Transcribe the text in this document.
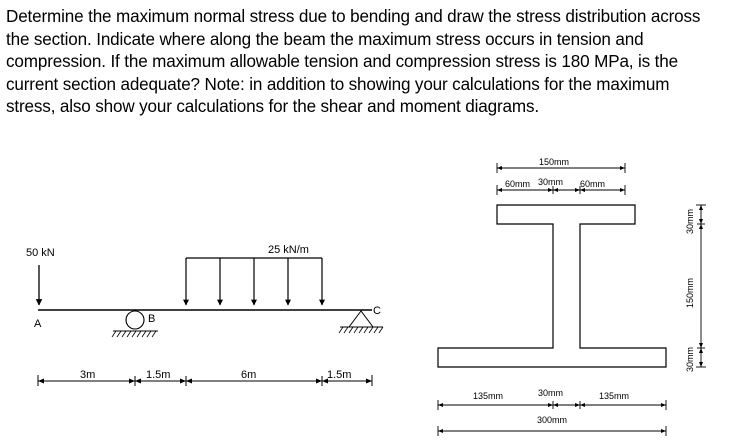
Determine the maximum normal stress due to bending and draw the stress distribution across

the section. Indicate where along the beam the maximum stress occurs in tension and

compression. If the maximum allowable tension and compression stress is 180 MPa, is the

current section adequate? Note: in addition to showing your calculations for the maximum

stress, also show your calculations for the shear and moment diagrams.

50 kN
A	B
25 kN/m
C
3m	1.5m	6m	1.5m
150mm
60mm 30mm 60mm
30mm
150mm
30mm
135mm	30mm	135mm
300mm
